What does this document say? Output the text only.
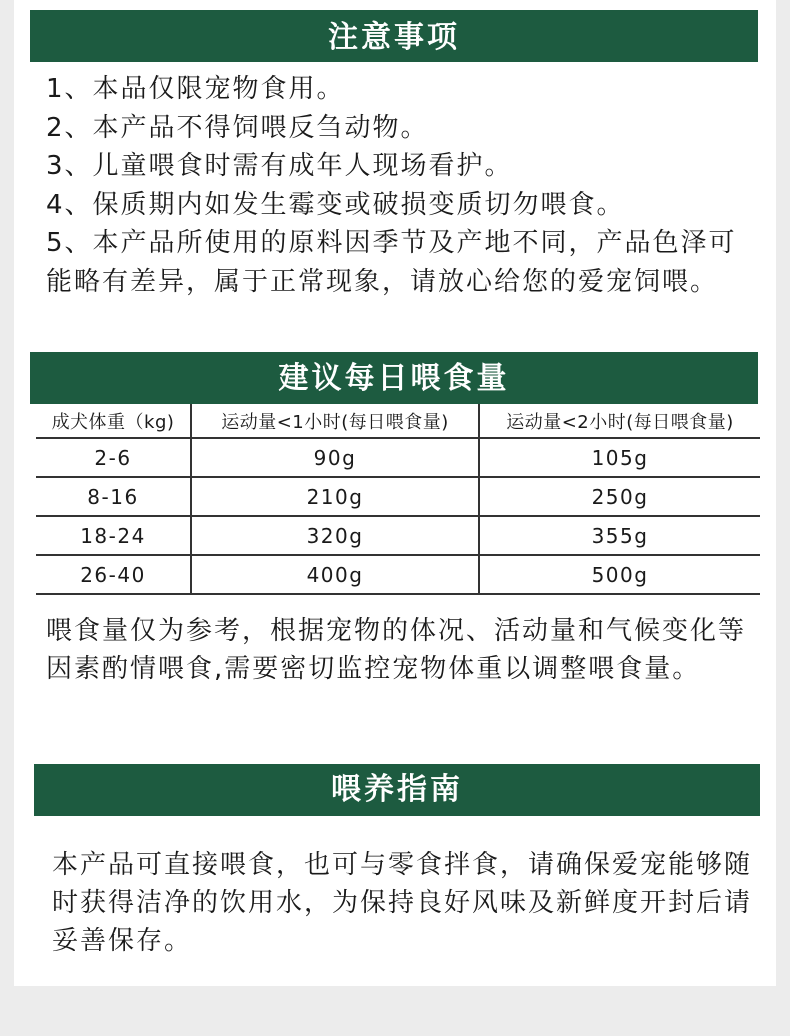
注意事项

1、本品仅限宠物食用。

2、本产品不得饲喂反刍动物。

3、儿童喂食时需有成年人现场看护。

4、保质期内如发生霉变或破损变质切勿喂食。

5、本产品所使用的原料因季节及产地不同，产品色泽可能略有差异，属于正常现象，请放心给您的爱宠饲喂。

建议每日喂食量
成犬体重（kg)	运动量<1小时(每日喂食量)	运动量<2小时(每日喂食量)
2-6	90g	105g
8-16	210g	250g
18-24	320g	355g
26-40	400g	500g
喂食量仅为参考，根据宠物的体况、活动量和气候变化等因素酌情喂食,需要密切监控宠物体重以调整喂食量。
喂养指南
本产品可直接喂食，也可与零食拌食，请确保爱宠能够随时获得洁净的饮用水，为保持良好风味及新鲜度开封后请妥善保存。
